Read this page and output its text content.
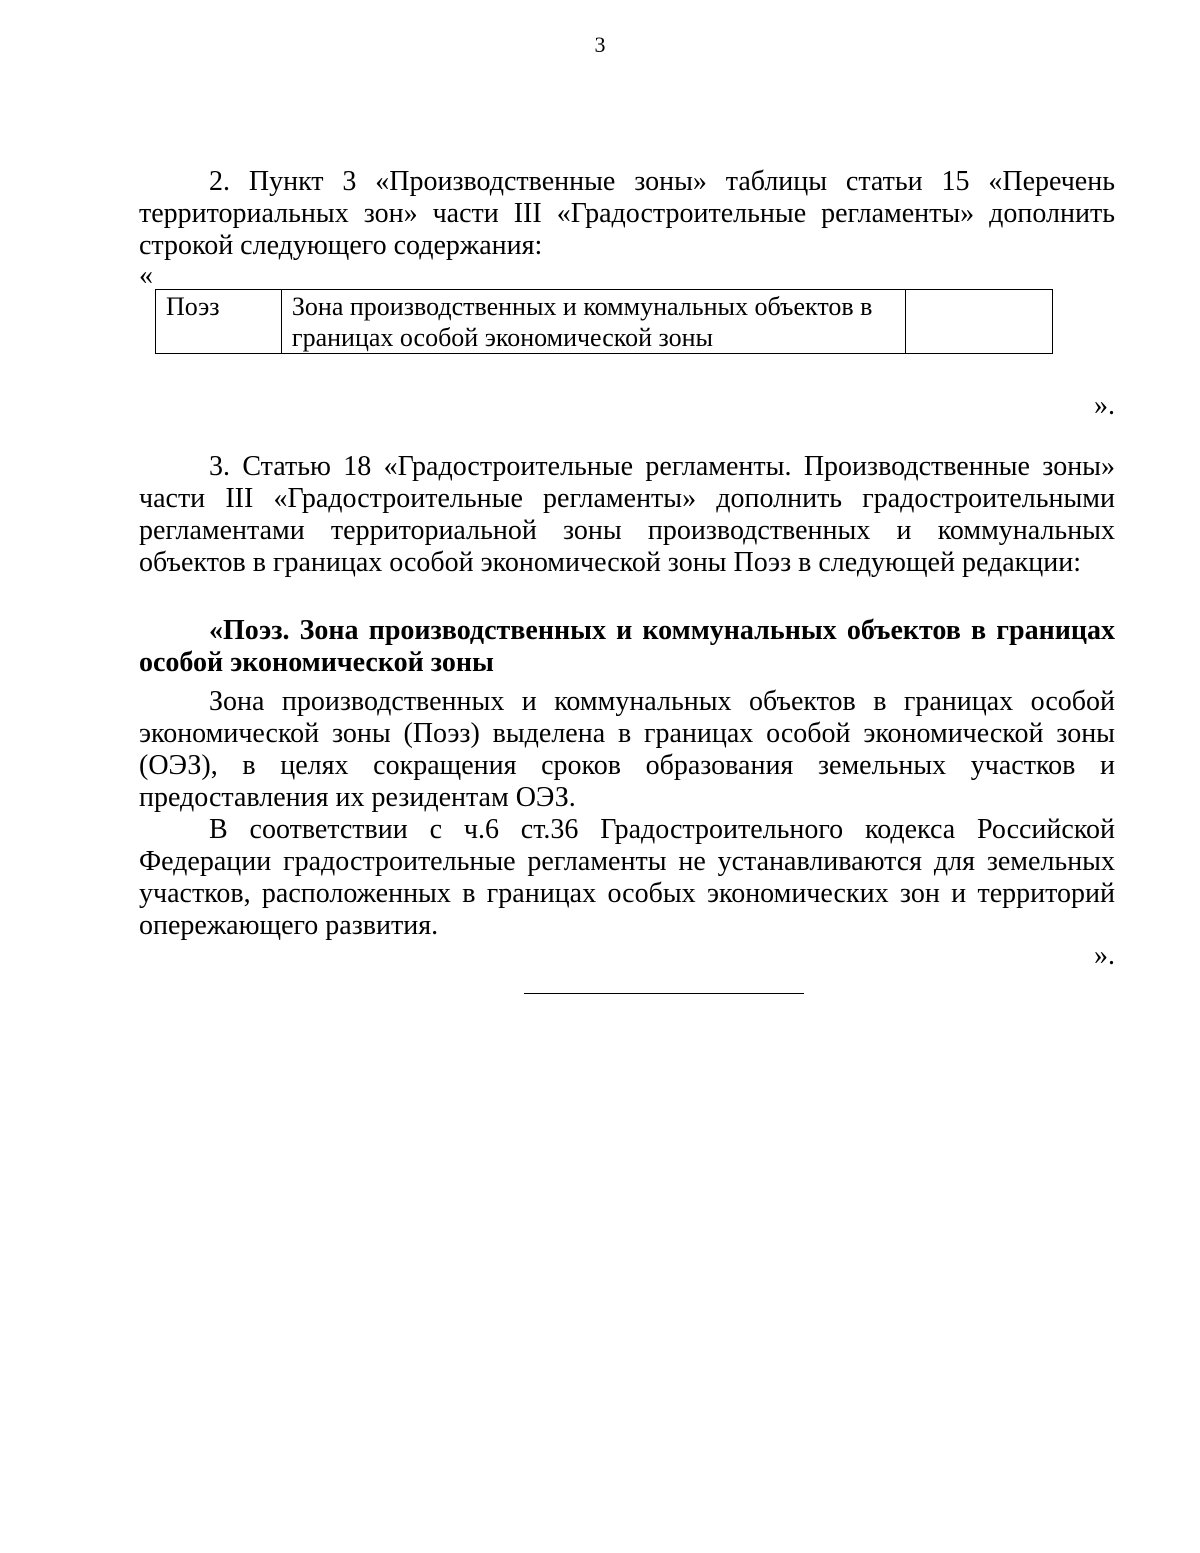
3

2. Пункт 3 «Производственные зоны» таблицы статьи 15 «Перечень территориальных зон» части III «Градостроительные регламенты» дополнить строкой следующего содержания:

«
Поэз	Зона производственных и коммунальных объектов в границах особой экономической зоны	
».

3. Статью 18 «Градостроительные регламенты. Производственные зоны» части III «Градостроительные регламенты» дополнить градостроительными регламентами территориальной зоны производственных и коммунальных объектов в границах особой экономической зоны Поэз в следующей редакции:

«Поэз. Зона производственных и коммунальных объектов в границах особой экономической зоны

Зона производственных и коммунальных объектов в границах особой экономической зоны (Поэз) выделена в границах особой экономической зоны (ОЭЗ), в целях сокращения сроков образования земельных участков и предоставления их резидентам ОЭЗ.

В соответствии с ч.6 ст.36 Градостроительного кодекса Российской Федерации градостроительные регламенты не устанавливаются для земельных участков, расположенных в границах особых экономических зон и территорий опережающего развития.

».
